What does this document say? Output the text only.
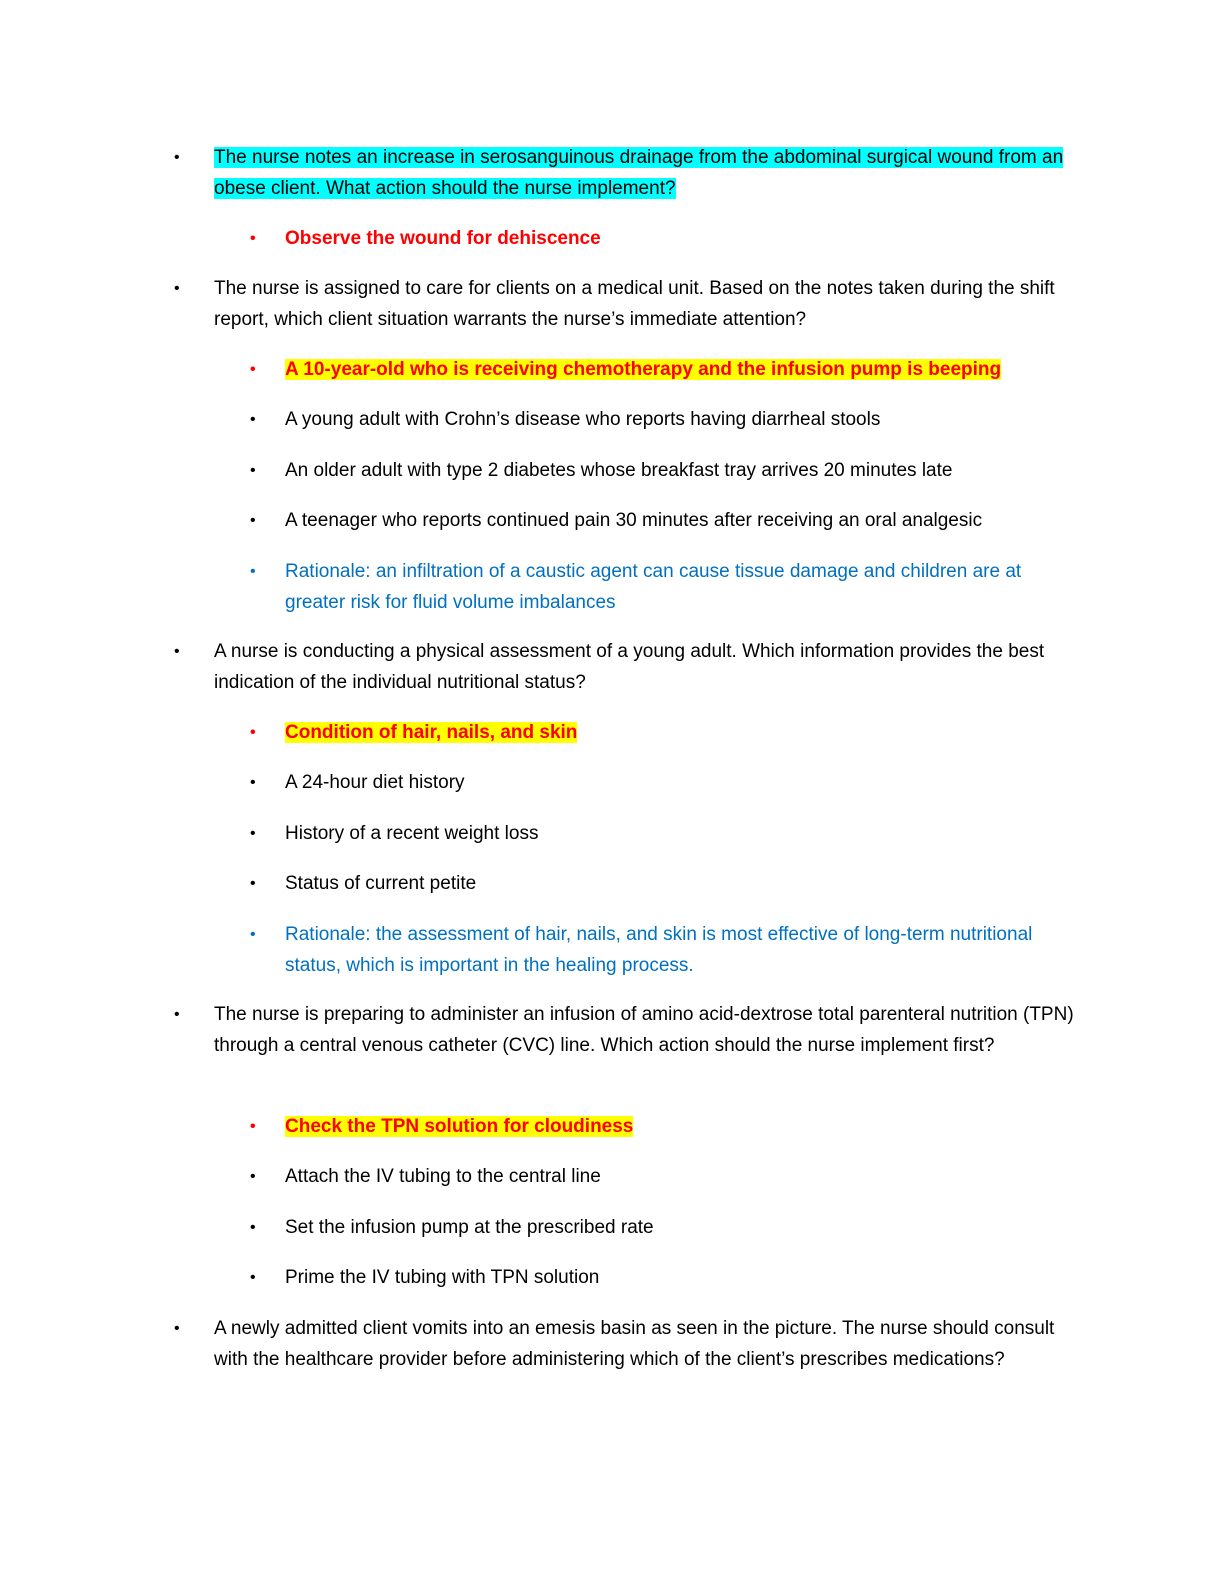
•	The nurse notes an increase in serosanguinous drainage from the abdominal surgical wound from an obese client. What action should the nurse implement?
•	Observe the wound for dehiscence
•	The nurse is assigned to care for clients on a medical unit. Based on the notes taken during the shift report, which client situation warrants the nurse’s immediate attention?
•	A 10-year-old who is receiving chemotherapy and the infusion pump is beeping
•	A young adult with Crohn’s disease who reports having diarrheal stools
•	An older adult with type 2 diabetes whose breakfast tray arrives 20 minutes late
•	A teenager who reports continued pain 30 minutes after receiving an oral analgesic
•	Rationale: an infiltration of a caustic agent can cause tissue damage and children are at greater risk for fluid volume imbalances
•	A nurse is conducting a physical assessment of a young adult. Which information provides the best indication of the individual nutritional status?
•	Condition of hair, nails, and skin
•	A 24-hour diet history
•	History of a recent weight loss
•	Status of current petite
•	Rationale: the assessment of hair, nails, and skin is most effective of long-term nutritional status, which is important in the healing process.
•	The nurse is preparing to administer an infusion of amino acid-dextrose total parenteral nutrition (TPN) through a central venous catheter (CVC) line. Which action should the nurse implement first?
•	Check the TPN solution for cloudiness
•	Attach the IV tubing to the central line
•	Set the infusion pump at the prescribed rate
•	Prime the IV tubing with TPN solution
•	A newly admitted client vomits into an emesis basin as seen in the picture. The nurse should consult with the healthcare provider before administering which of the client’s prescribes medications?
